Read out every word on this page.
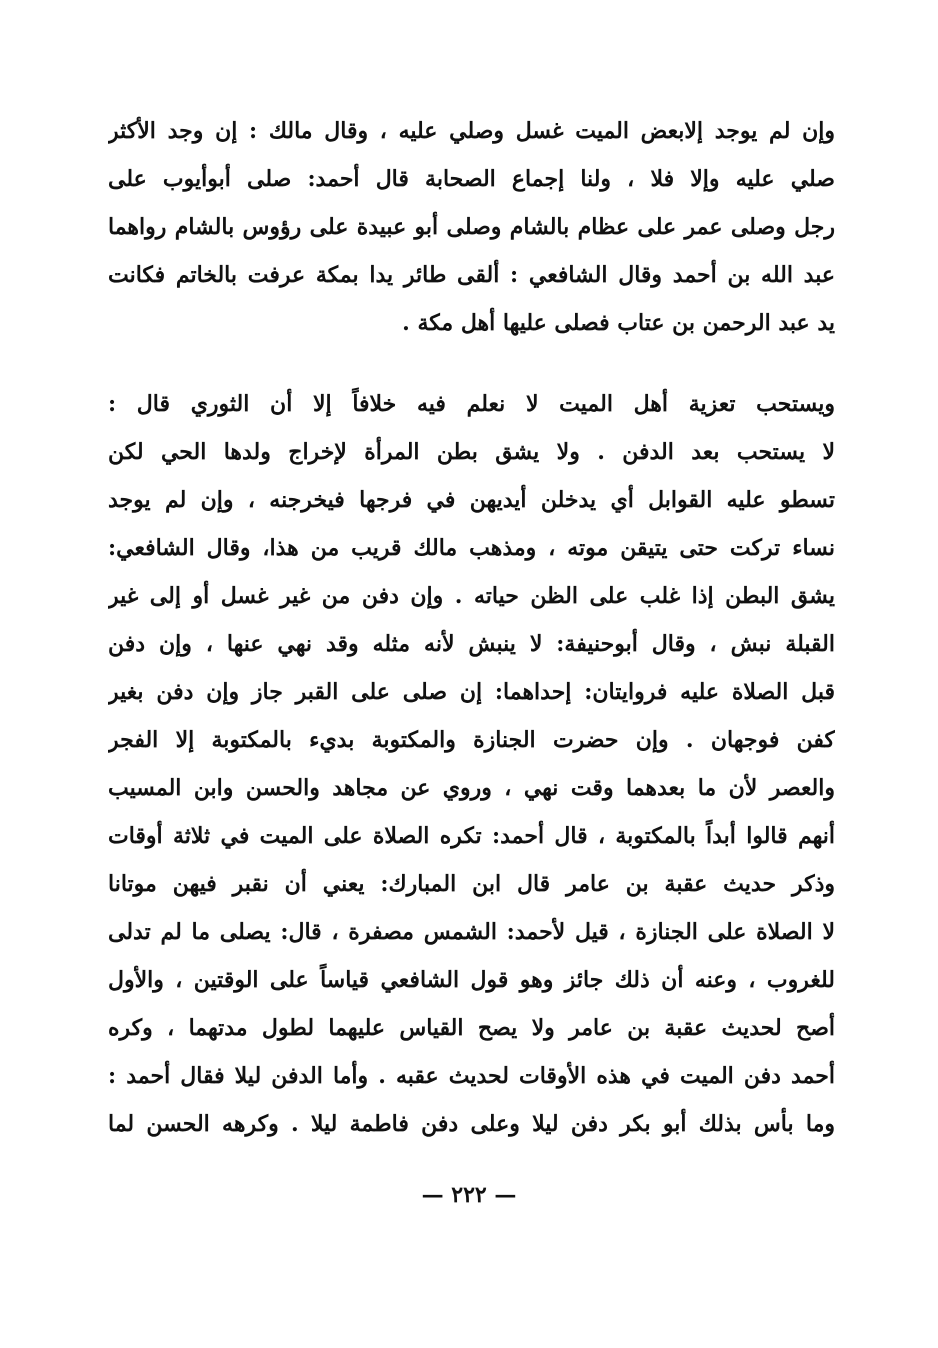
وإن لم يوجد إلابعض الميت غسل وصلي عليه ، وقال مالك : إن وجد الأكثر
صلي عليه وإلا فلا ، ولنا إجماع الصحابة قال أحمد: صلى أبوأيوب على
رجل وصلى عمر على عظام بالشام وصلى أبو عبيدة على رؤوس بالشام رواهما
عبد الله بن أحمد وقال الشافعي : ألقى طائر يدا بمكة عرفت بالخاتم فكانت
يد عبد الرحمن بن عتاب فصلى عليها أهل مكة .
ويستحب تعزية أهل الميت لا نعلم فيه خلافاً إلا أن الثوري قال :
لا يستحب بعد الدفن . ولا يشق بطن المرأة لإخراج ولدها الحي لكن
تسطو عليه القوابل أي يدخلن أيديهن في فرجها فيخرجنه ، وإن لم يوجد
نساء تركت حتى يتيقن موته ، ومذهب مالك قريب من هذا، وقال الشافعي:
يشق البطن إذا غلب على الظن حياته . وإن دفن من غير غسل أو إلى غير
القبلة نبش ، وقال أبوحنيفة: لا ينبش لأنه مثله وقد نهي عنها ، وإن دفن
قبل الصلاة عليه فروايتان: إحداهما: إن صلى على القبر جاز وإن دفن بغير
كفن فوجهان . وإن حضرت الجنازة والمكتوبة بديء بالمكتوبة إلا الفجر
والعصر لأن ما بعدهما وقت نهي ، وروي عن مجاهد والحسن وابن المسيب
أنهم قالوا أبداً بالمكتوبة ، قال أحمد: تكره الصلاة على الميت في ثلاثة أوقات
وذكر حديث عقبة بن عامر قال ابن المبارك: يعني أن نقبر فيهن موتانا
لا الصلاة على الجنازة ، قيل لأحمد: الشمس مصفرة ، قال: يصلى ما لم تدلى
للغروب ، وعنه أن ذلك جائز وهو قول الشافعي قياساً على الوقتين ، والأول
أصح لحديث عقبة بن عامر ولا يصح القياس عليهما لطول مدتهما ، وكره
أحمد دفن الميت في هذه الأوقات لحديث عقبه . وأما الدفن ليلا فقال أحمد :
وما بأس بذلك أبو بكر دفن ليلا وعلى دفن فاطمة ليلا . وكرهه الحسن لما
— ٢٢٢ —
